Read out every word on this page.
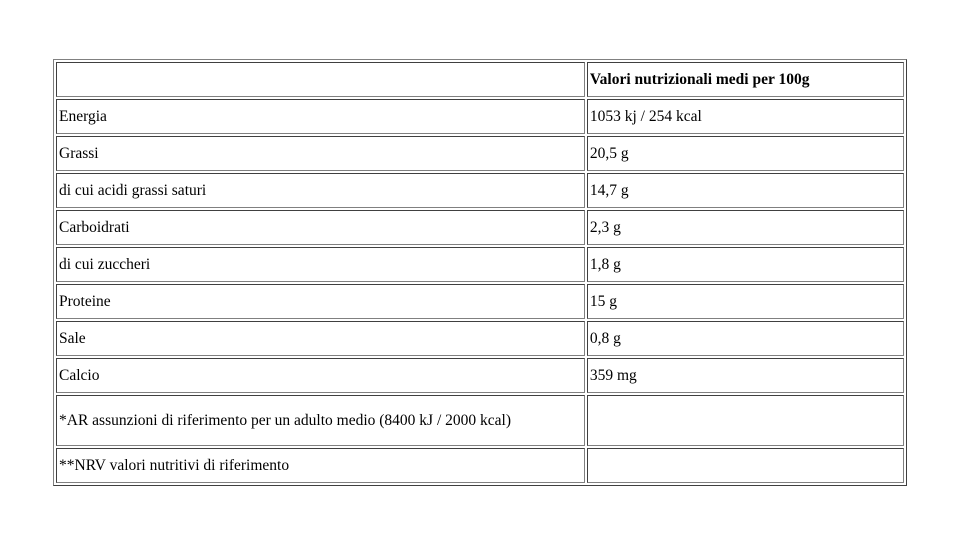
	Valori nutrizionali medi per 100g
Energia	1053 kj / 254 kcal
Grassi	20,5 g
di cui acidi grassi saturi	14,7 g
Carboidrati	2,3 g
di cui zuccheri	1,8 g
Proteine	15 g
Sale	0,8 g
Calcio	359 mg
*AR assunzioni di riferimento per un adulto medio (8400 kJ / 2000 kcal)	
**NRV valori nutritivi di riferimento	
